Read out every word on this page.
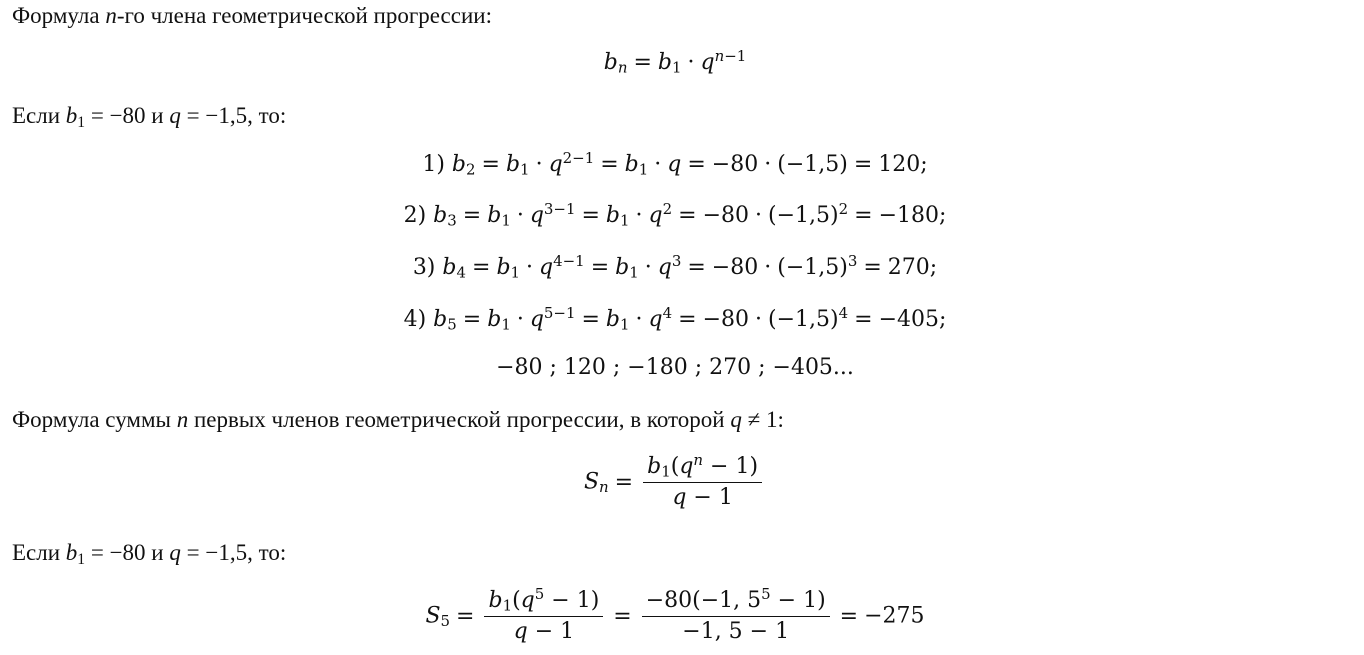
Формула n-го члена геометрической прогрессии:
$b_n = b_1 \cdot q^{n-1}$
Если $b_1 = -80$ и q = −1,5, то:
1) $b_2 = b_1 \cdot q^{2-1} = b_1 \cdot q = -80 \cdot (-1,5) = 120$;
2) $b_3 = b_1 \cdot q^{3-1} = b_1 \cdot q^2 = -80 \cdot (-1,5)^2 = -180$;
3) $b_4 = b_1 \cdot q^{4-1} = b_1 \cdot q^3 = -80 \cdot (-1,5)^3 = 270$;
4) $b_5 = b_1 \cdot q^{5-1} = b_1 \cdot q^4 = -80 \cdot (-1,5)^4 = -405$;
−80 ; 120 ; −180 ; 270 ; −405...
Формула суммы n первых членов геометрической прогрессии, в которой q ≠ 1:
$S_n = \frac{b_1(q^n - 1)}{q - 1}$
Если $b_1 = -80$ и q = −1,5, то:
$S_5 = \frac{b_1(q^5 - 1)}{q - 1} = \frac{-80(-1, 5^5 - 1)}{-1, 5 - 1} = -275$
